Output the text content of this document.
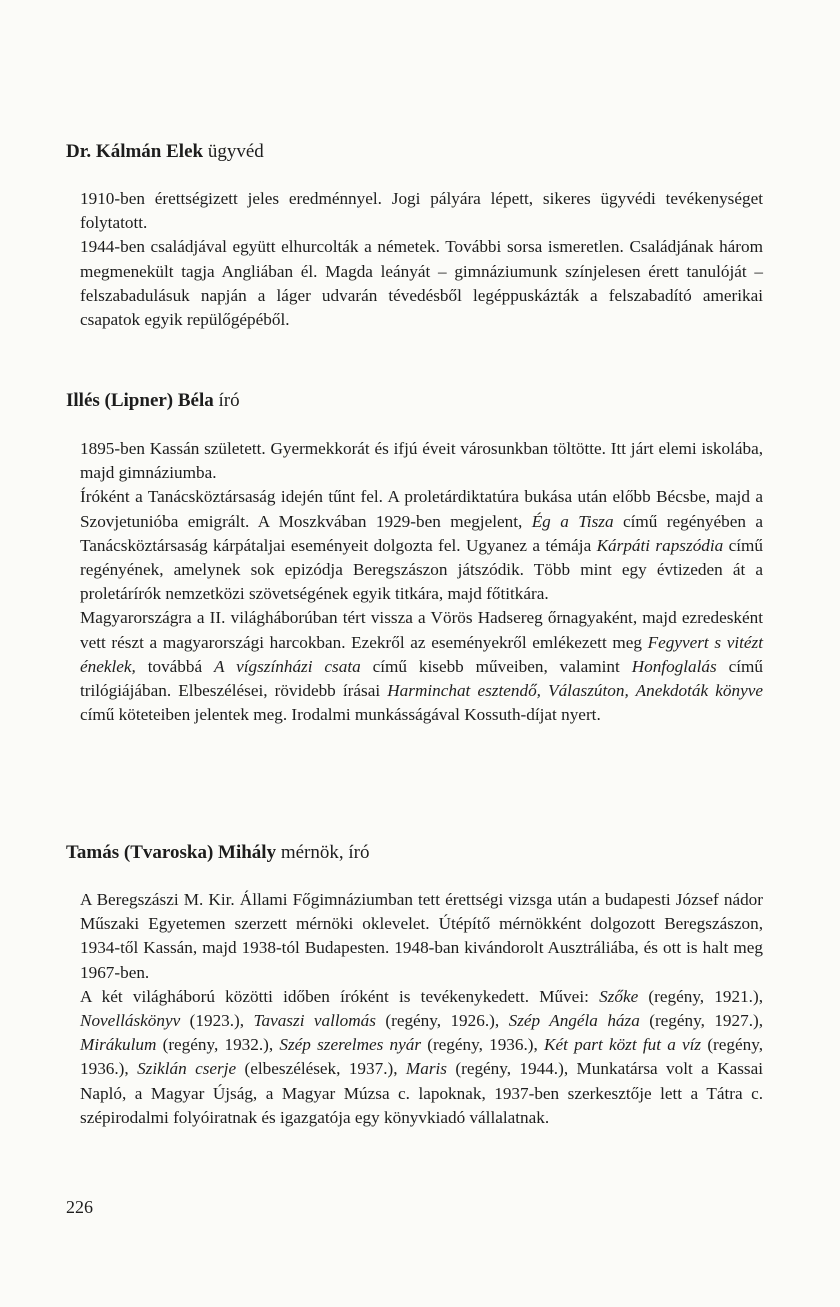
Dr. Kálmán Elek ügyvéd

1910-ben érettségizett jeles eredménnyel. Jogi pályára lépett, sikeres ügyvédi tevékenységet folytatott.

1944-ben családjával együtt elhurcolták a németek. További sorsa ismeretlen. Családjának három megmenekült tagja Angliában él. Magda leányát – gimnáziumunk színjelesen érett tanulóját – felszabadulásuk napján a láger udvarán tévedésből legéppuskázták a felszabadító amerikai csapatok egyik repülőgépéből.

Illés (Lipner) Béla író

1895-ben Kassán született. Gyermekkorát és ifjú éveit városunkban töltötte. Itt járt elemi iskolába, majd gimnáziumba.

Íróként a Tanácsköztársaság idején tűnt fel. A proletárdiktatúra bukása után előbb Bécsbe, majd a Szovjetunióba emigrált. A Moszkvában 1929-ben megjelent, Ég a Tisza című regényében a Tanácsköztársaság kárpátaljai eseményeit dolgozta fel. Ugyanez a témája Kárpáti rapszódia című regényének, amelynek sok epizódja Beregszászon játszódik. Több mint egy évtizeden át a proletárírók nemzetközi szövetségének egyik titkára, majd főtitkára.

Magyarországra a II. világháborúban tért vissza a Vörös Hadsereg őrnagyaként, majd ezredesként vett részt a magyarországi harcokban. Ezekről az eseményekről emlékezett meg Fegyvert s vitézt éneklek, továbbá A vígszínházi csata című kisebb műveiben, valamint Honfoglalás című trilógiájában. Elbeszélései, rövidebb írásai Harminchat esztendő, Válaszúton, Anekdoták könyve című köteteiben jelentek meg. Irodalmi munkásságával Kossuth-díjat nyert.

Tamás (Tvaroska) Mihály mérnök, író

A Beregszászi M. Kir. Állami Főgimnáziumban tett érettségi vizsga után a budapesti József nádor Műszaki Egyetemen szerzett mérnöki oklevelet. Útépítő mérnökként dolgozott Beregszászon, 1934-től Kassán, majd 1938-tól Budapesten. 1948-ban kivándorolt Ausztráliába, és ott is halt meg 1967-ben.

A két világháború közötti időben íróként is tevékenykedett. Művei: Szőke (regény, 1921.), Novelláskönyv (1923.), Tavaszi vallomás (regény, 1926.), Szép Angéla háza (regény, 1927.), Mirákulum (regény, 1932.), Szép szerelmes nyár (regény, 1936.), Két part közt fut a víz (regény, 1936.), Sziklán cserje (elbeszélések, 1937.), Maris (regény, 1944.), Munkatársa volt a Kassai Napló, a Magyar Újság, a Magyar Múzsa c. lapoknak, 1937-ben szerkesztője lett a Tátra c. szépirodalmi folyóiratnak és igazgatója egy könyvkiadó vállalatnak.

226
